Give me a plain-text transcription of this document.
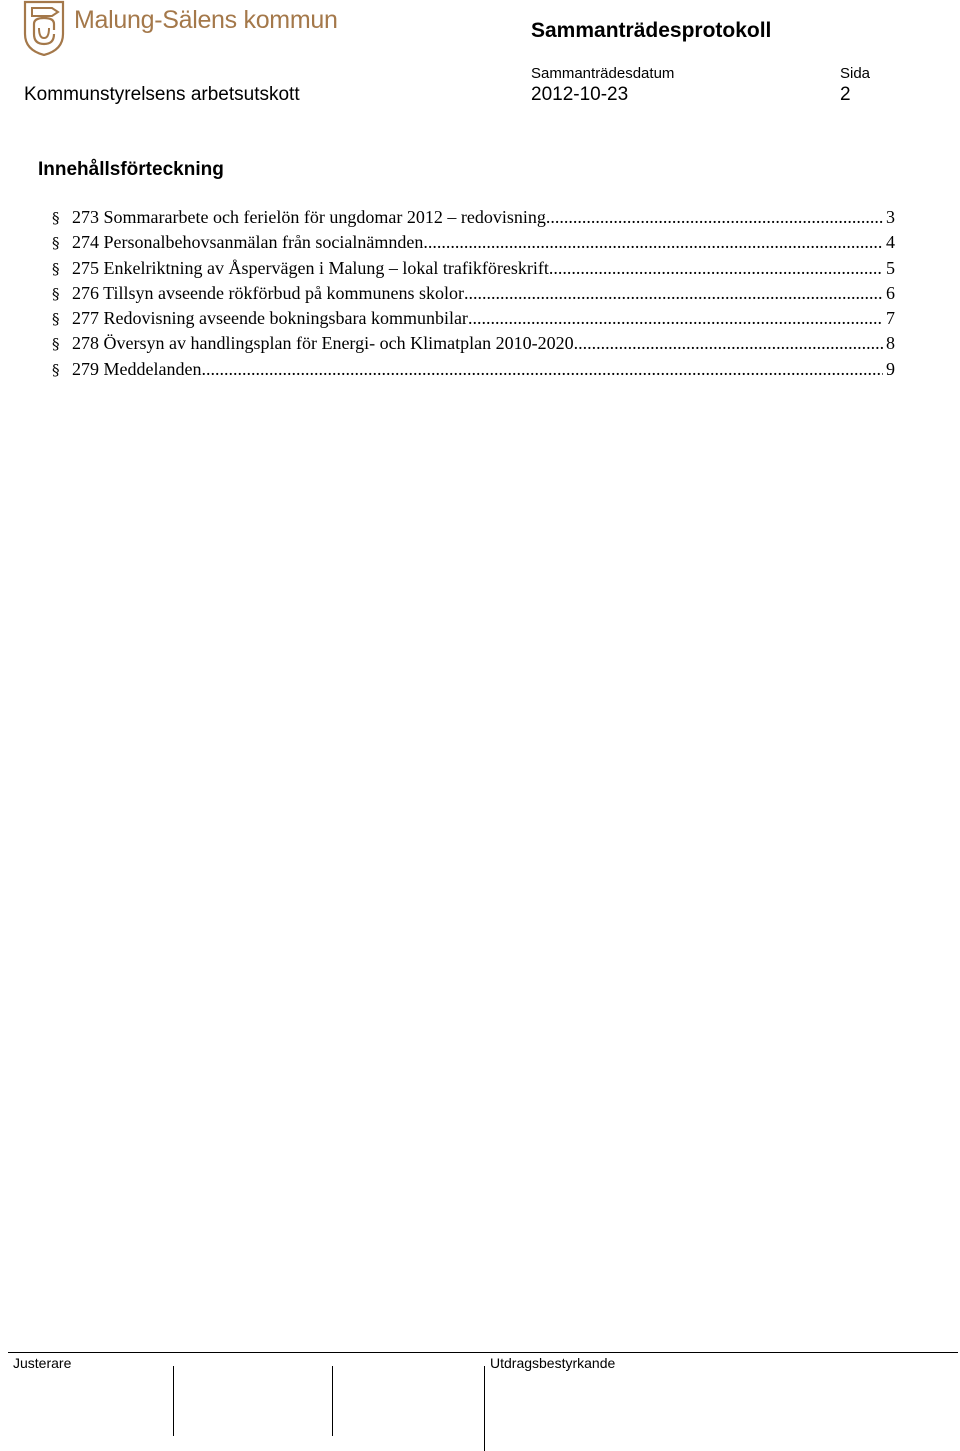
Malung-Sälens kommun	Sammanträdesprotokoll
Sammanträdesdatum	Sida
Kommunstyrelsens arbetsutskott	2012-10-23	2
Innehållsförteckning
§ 273 Sommararbete och ferielön för ungdomar 2012 – redovisning .....	3
§ 274 Personalbehovsanmälan från socialnämnden .....	4
§ 275 Enkelriktning av Åspervägen i Malung – lokal trafikföreskrift .....	5
§ 276 Tillsyn avseende rökförbud på kommunens skolor .....	6
§ 277 Redovisning avseende bokningsbara kommunbilar .....	7
§ 278 Översyn av handlingsplan för Energi- och Klimatplan 2010-2020 .....	8
§ 279 Meddelanden .....	9
Justerare	Utdragsbestyrkande
